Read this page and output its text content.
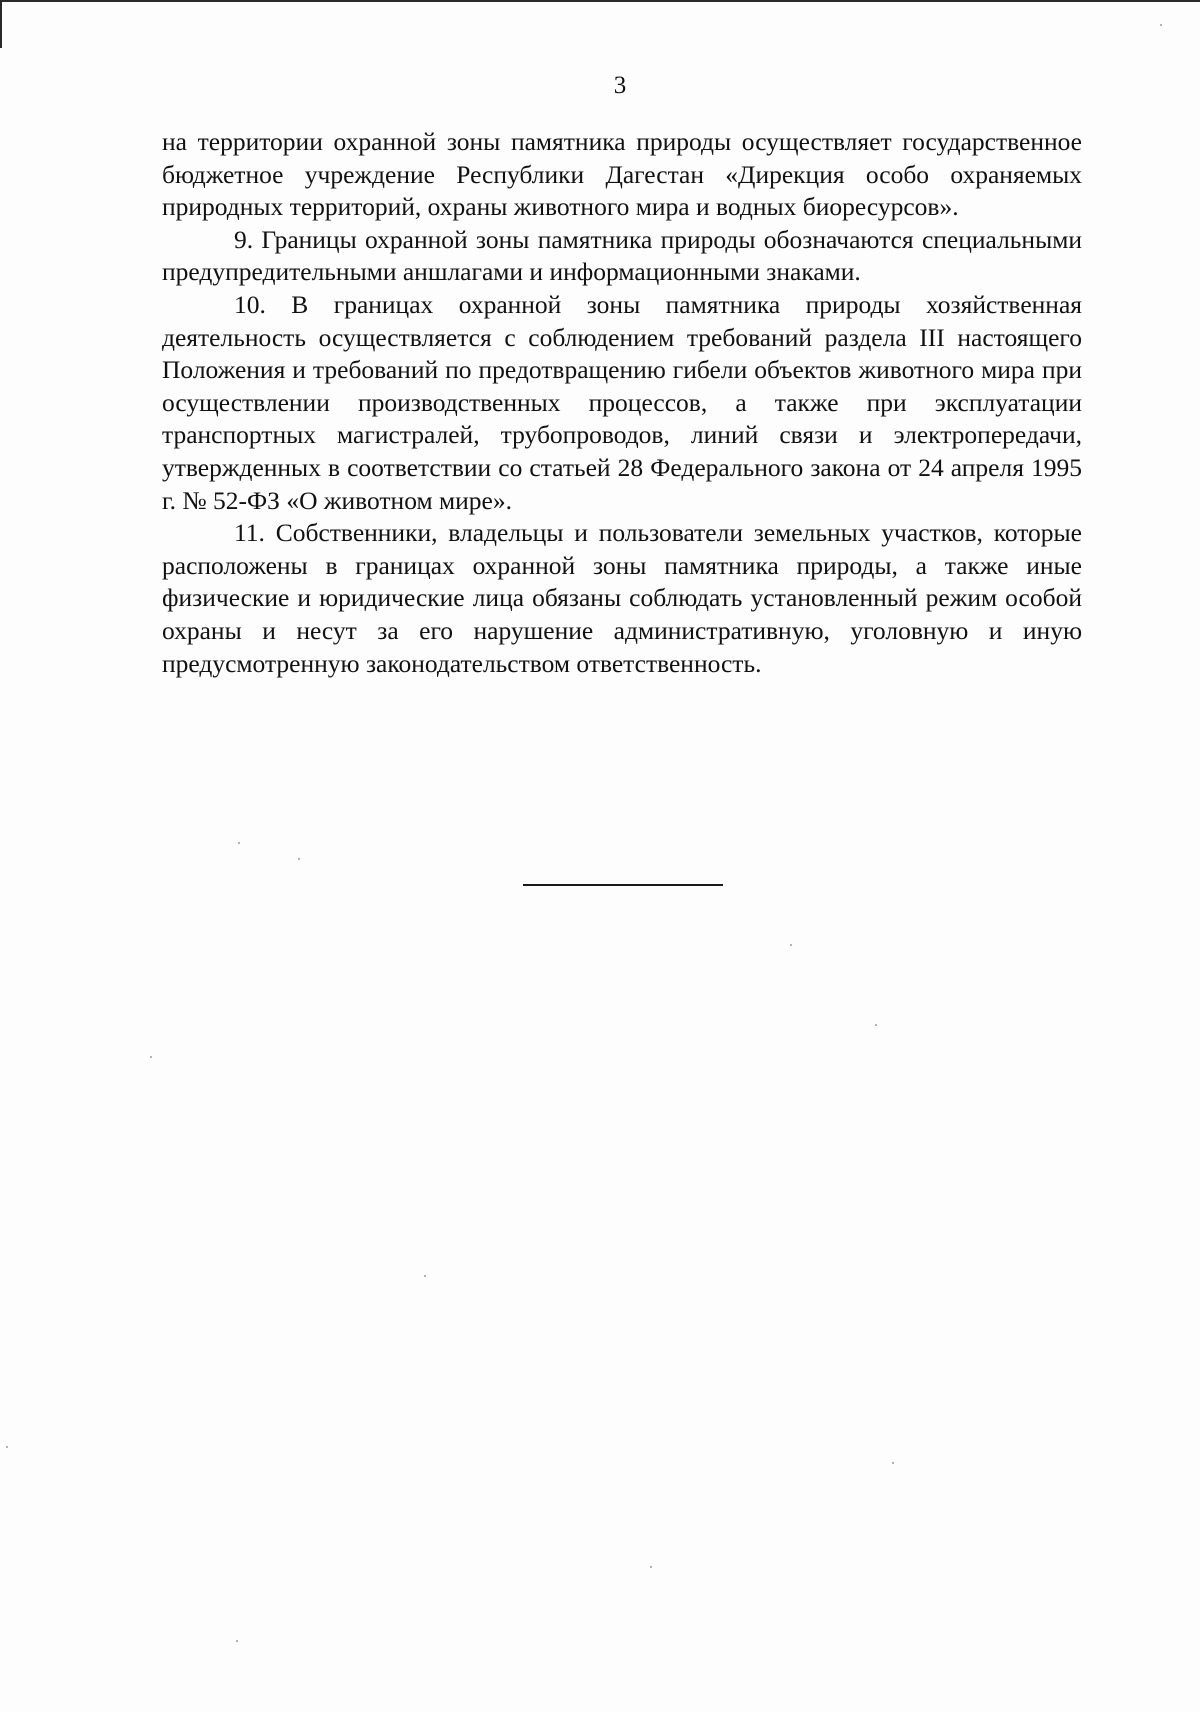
3

на территории охранной зоны памятника природы осуществляет государственное бюджетное учреждение Республики Дагестан «Дирекция особо охраняемых природных территорий, охраны животного мира и водных биоресурсов».

9. Границы охранной зоны памятника природы обозначаются специальными предупредительными аншлагами и информационными знаками.

10. В границах охранной зоны памятника природы хозяйственная деятельность осуществляется с соблюдением требований раздела III настоящего Положения и требований по предотвращению гибели объектов животного мира при осуществлении производственных процессов, а также при эксплуатации транспортных магистралей, трубопроводов, линий связи и электропередачи, утвержденных в соответствии со статьей 28 Федерального закона от 24 апреля 1995 г. № 52-ФЗ «О животном мире».

11. Собственники, владельцы и пользователи земельных участков, которые расположены в границах охранной зоны памятника природы, а также иные физические и юридические лица обязаны соблюдать установленный режим особой охраны и несут за его нарушение административную, уголовную и иную предусмотренную законодательством ответственность.
